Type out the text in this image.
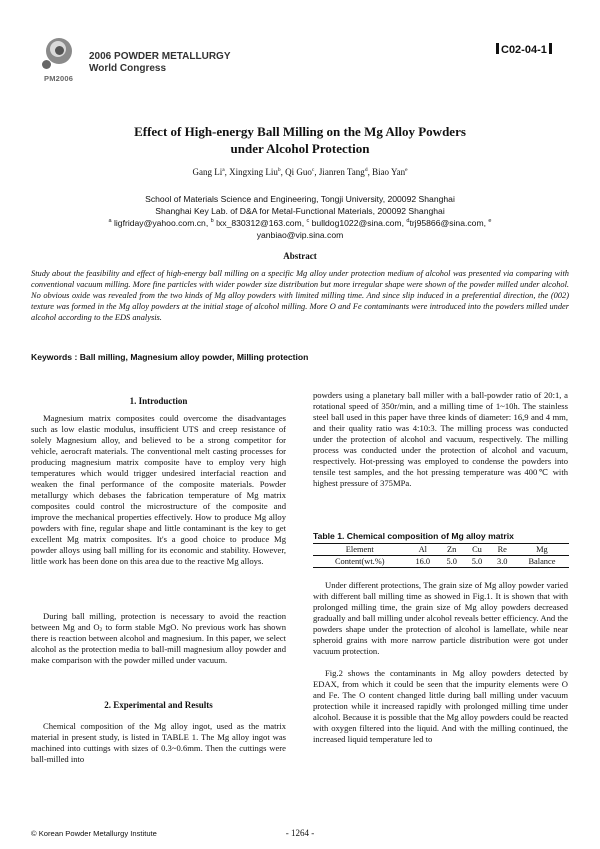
PM2006
2006 POWDER METALLURGY
World Congress
C02-04-1
Effect of High-energy Ball Milling on the Mg Alloy Powders
under Alcohol Protection
Gang Li$^a$, Xingxing Liu$^b$, Qi Guo$^c$, Jianren Tang$^d$, Biao Yan$^e$
School of Materials Science and Engineering, Tongji University, 200092 Shanghai
Shanghai Key Lab. of D&A for Metal-Functional Materials, 200092 Shanghai
$^a$ ligfriday@yahoo.com.cn, $^b$ lxx_830312@163.com, $^c$ bulldog1022@sina.com, $^d$trj95866@sina.com, $^e$
yanbiao@vip.sina.com
Abstract
Study about the feasibility and effect of high-energy ball milling on a specific Mg alloy under protection medium of alcohol was presented via comparing with conventional vacuum milling. More fine particles with wider powder size distribution but more irregular shape were shown of the powder milled under alcohol. No obvious oxide was revealed from the two kinds of Mg alloy powders with limited milling time. And since slip induced in a preferential direction, the (002) texture was formed in the Mg alloy powders at the initial stage of alcohol milling. More O and Fe contaminants were introduced into the powders milled under alcohol according to the EDS analysis.
Keywords : Ball milling, Magnesium alloy powder, Milling protection
1. Introduction
Magnesium matrix composites could overcome the disadvantages such as low elastic modulus, insufficient UTS and creep resistance of solely Magnesium alloy, and believed to be a strong competitor for vehicle, aerocraft materials. The conventional melt casting processes for producing magnesium matrix composite have to employ very high temperatures which would trigger undesired interfacial reaction and weaken the final performance of the composite materials. Powder metallurgy which debases the fabrication temperature of Mg matrix composites could control the microstructure of the composite and improve the mechanical properties effectively. How to produce Mg alloy powders with fine, regular shape and little contaminant is the key to get excellent Mg matrix composites. It's a good choice to produce Mg powder alloys using ball milling for its economic and stability. However, little work has been done on this area due to the reactive Mg alloys.
During ball milling, protection is necessary to avoid the reaction between Mg and $O_2$ to form stable MgO. No previous work has shown there is reaction between alcohol and magnesium. In this paper, we select alcohol as the protection media to ball-mill magnesium alloy powder and make comparison with the powder milled under vacuum.
2. Experimental and Results
Chemical composition of the Mg alloy ingot, used as the matrix material in present study, is listed in TABLE 1. The Mg alloy ingot was machined into cuttings with sizes of 0.3~0.6mm. Then the cuttings were ball-milled into
powders using a planetary ball miller with a ball-powder ratio of 20:1, a rotational speed of 350r/min, and a milling time of 1~10h. The stainless steel ball used in this paper have three kinds of diameter: 16,9 and 4 mm, and their quality ratio was 4:10:3. The milling process was conducted under the protection of alcohol and vacuum, respectively. The milling process was conducted under the protection of alcohol and vacuum, respectively. Hot-pressing was employed to condense the powders into tensile test samples, and the hot pressing temperature was 400℃ with highest pressure of 375MPa.
Table 1. Chemical composition of Mg alloy matrix
Element	Al	Zn	Cu	Re	Mg
Content(wt.%)	16.0	5.0	5.0	3.0	Balance
Under different protections, The grain size of Mg alloy powder varied with different ball milling time as showed in Fig.1. It is shown that with prolonged milling time, the grain size of Mg alloy powders decreased gradually and ball milling under alcohol reveals better efficiency. And the powders shape under the protection of alcohol is lamellate, while near spheroid grains with more narrow particle distribution were got under vacuum protection.
Fig.2 shows the contaminants in Mg alloy powders detected by EDAX, from which it could be seen that the impurity elements were O and Fe. The O content changed little during ball milling under vacuum protection while it increased rapidly with prolonged milling time under alcohol. Because it is possible that the Mg alloy powders could be reacted with oxygen filtered into the liquid. And with the milling continued, the increased liquid temperature led to
© Korean Powder Metallurgy Institute	- 1264 -
